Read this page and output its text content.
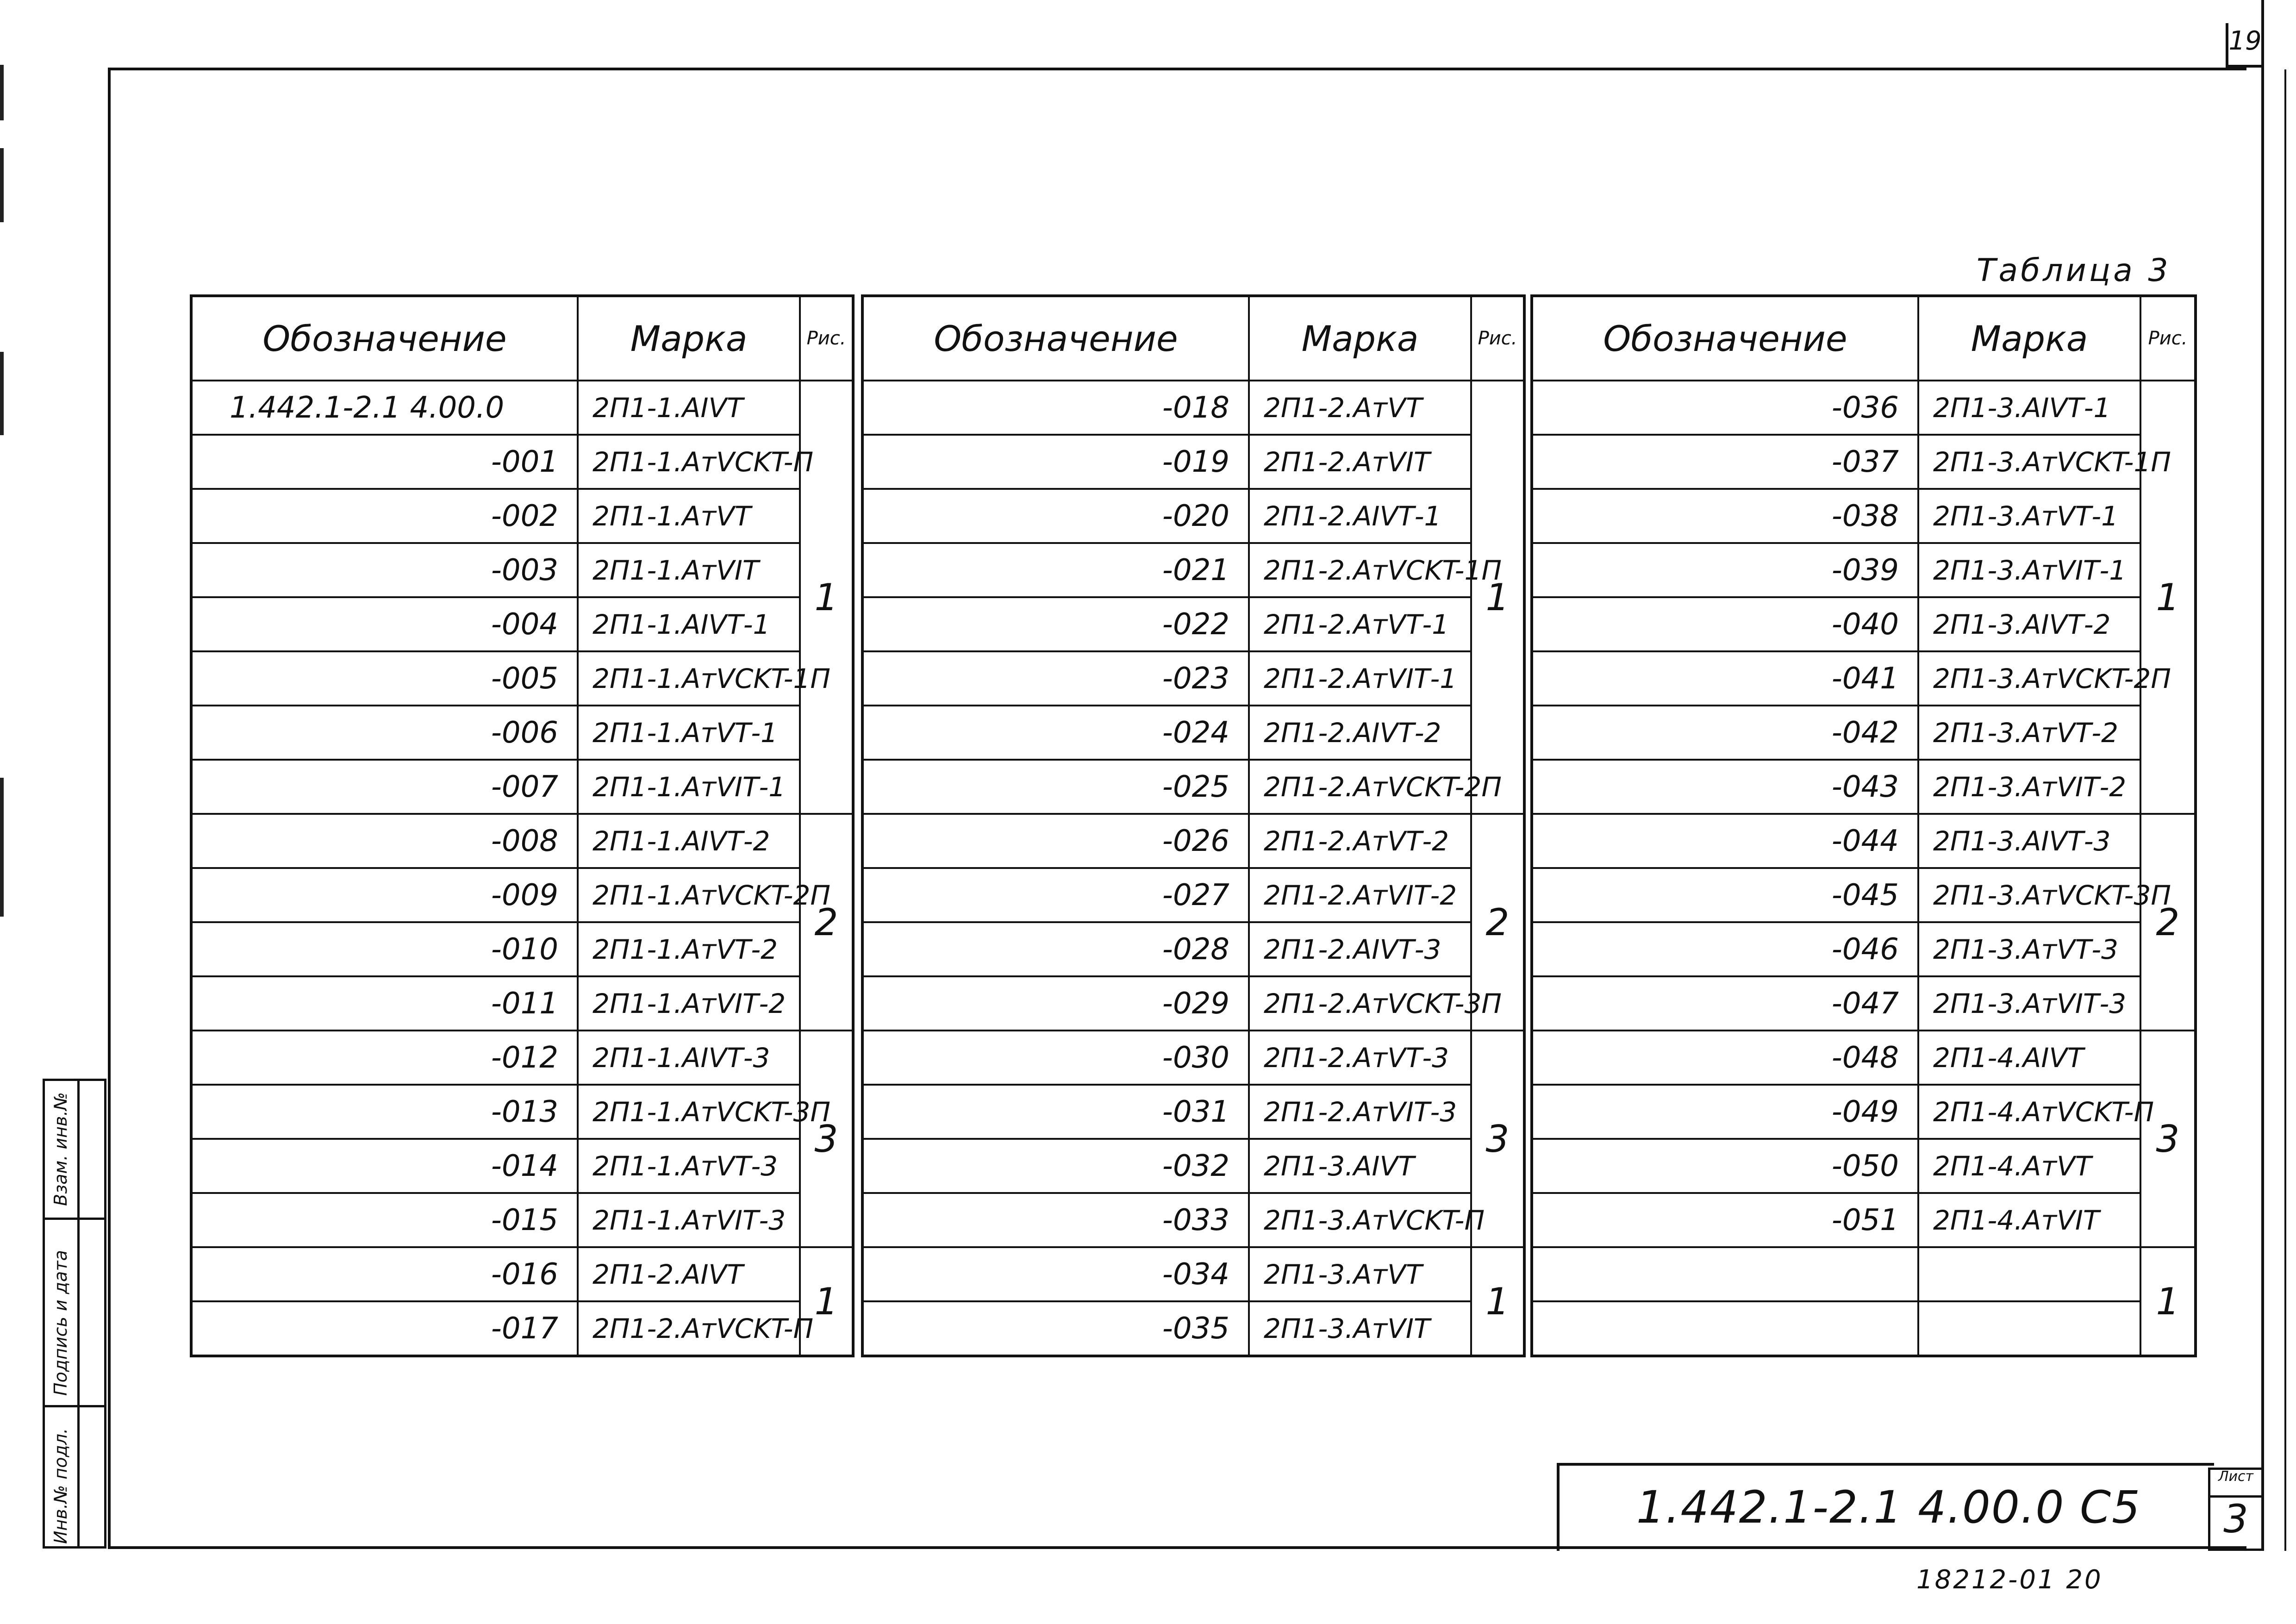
19
Таблица 3
Обозначение	Марка	Рис.
1.442.1-2.1 4.00.0	2П1-1.АIVТ	1
-001	2П1-1.АтVCKT-П	
-002	2П1-1.АтVТ	
-003	2П1-1.АтVIТ	
-004	2П1-1.АIVТ-1	
-005	2П1-1.АтVCKT-1П	
-006	2П1-1.АтVТ-1	
-007	2П1-1.АтVIТ-1	
-008	2П1-1.АIVТ-2	2
-009	2П1-1.АтVCKT-2П	
-010	2П1-1.АтVТ-2	
-011	2П1-1.АтVIТ-2	
-012	2П1-1.АIVТ-3	3
-013	2П1-1.АтVCKT-3П	
-014	2П1-1.АтVТ-3	
-015	2П1-1.АтVIТ-3	
-016	2П1-2.АIVТ	1
-017	2П1-2.АтVCKT-П	
Обозначение	Марка	Рис.
-018	2П1-2.АтVТ	1
-019	2П1-2.АтVIТ	
-020	2П1-2.АIVТ-1	
-021	2П1-2.АтVCKT-1П	
-022	2П1-2.АтVТ-1	
-023	2П1-2.АтVIТ-1	
-024	2П1-2.АIVТ-2	
-025	2П1-2.АтVCKT-2П	
-026	2П1-2.АтVТ-2	2
-027	2П1-2.АтVIТ-2	
-028	2П1-2.АIVТ-3	
-029	2П1-2.АтVCKT-3П	
-030	2П1-2.АтVТ-3	3
-031	2П1-2.АтVIТ-3	
-032	2П1-3.АIVТ	
-033	2П1-3.АтVCKT-П	
-034	2П1-3.АтVТ	1
-035	2П1-3.АтVIТ	
Обозначение	Марка	Рис.
-036	2П1-3.АIVТ-1	1
-037	2П1-3.АтVCKT-1П	
-038	2П1-3.АтVТ-1	
-039	2П1-3.АтVIТ-1	
-040	2П1-3.АIVТ-2	
-041	2П1-3.АтVCKT-2П	
-042	2П1-3.АтVТ-2	
-043	2П1-3.АтVIТ-2	
-044	2П1-3.АIVТ-3	2
-045	2П1-3.АтVCKT-3П	
-046	2П1-3.АтVТ-3	
-047	2П1-3.АтVIТ-3	
-048	2П1-4.АIVТ	3
-049	2П1-4.АтVCKT-П	
-050	2П1-4.АтVТ	
-051	2П1-4.АтVIТ	
		1

Взам. инв.№
Подпись и дата
Инв.№ подл.	1.442.1-2.1 4.00.0 С5
Лист
3
18212-01 20
